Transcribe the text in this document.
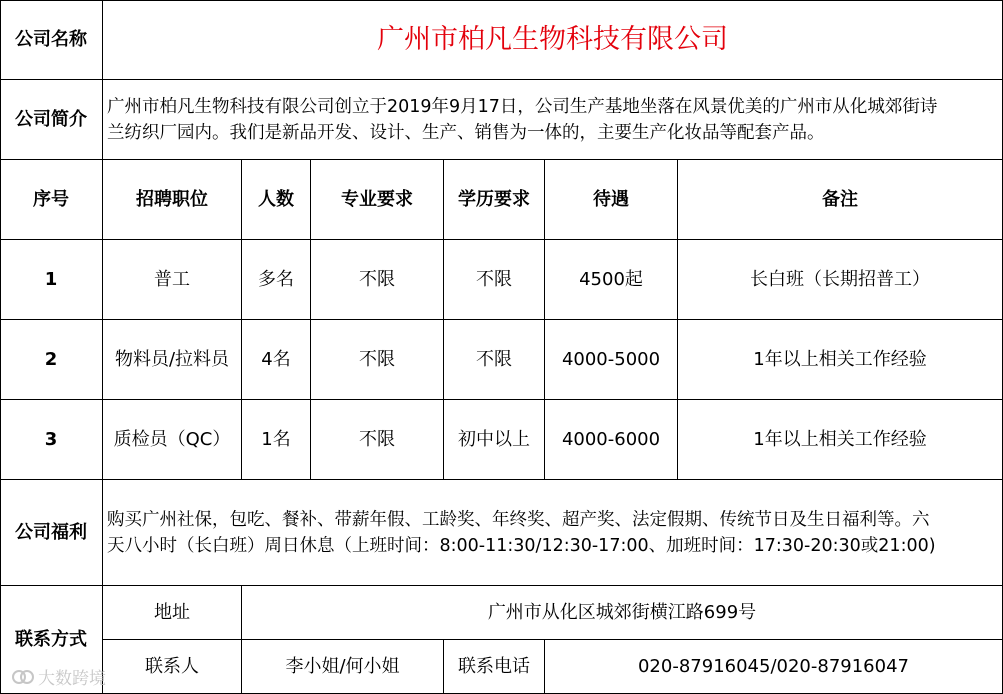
公司名称	广州市柏凡生物科技有限公司
公司简介
广州市柏凡生物科技有限公司创立于2019年9月17日，公司生产基地坐落在风景优美的广州市从化城郊街诗
兰纺织厂园内。我们是新品开发、设计、生产、销售为一体的，主要生产化妆品等配套产品。
序号	招聘职位	人数	专业要求	学历要求	待遇	备注
1	普工	多名	不限	不限	4500起	长白班（长期招普工）
2	物料员/拉料员	4名	不限	不限	4000-5000	1年以上相关工作经验
3	质检员（QC）	1名	不限	初中以上	4000-6000	1年以上相关工作经验
公司福利
购买广州社保，包吃、餐补、带薪年假、工龄奖、年终奖、超产奖、法定假期、传统节日及生日福利等。六
天八小时（长白班）周日休息（上班时间：8:00-11:30/12:30-17:00、加班时间：17:30-20:30或21:00)
联系方式
地址	广州市从化区城郊街横江路699号
联系人	李小姐/何小姐	联系电话	020-87916045/020-87916047
大数跨境
